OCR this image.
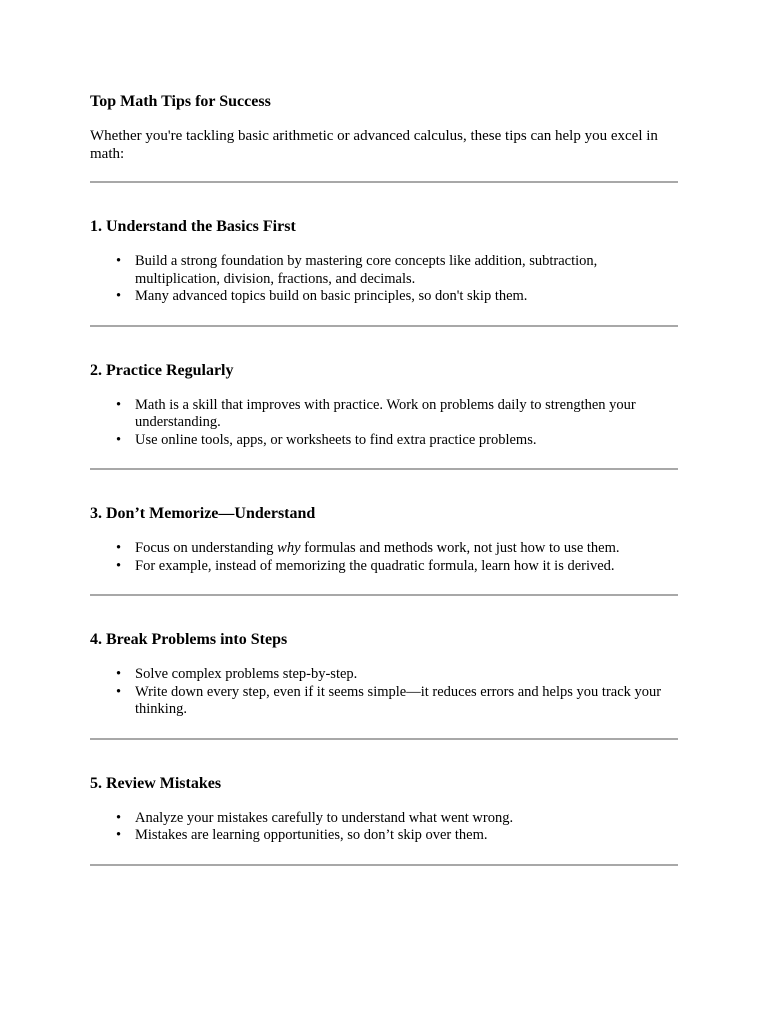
Top Math Tips for Success

Whether you're tackling basic arithmetic or advanced calculus, these tips can help you excel in math:

1. Understand the Basics First
• Build a strong foundation by mastering core concepts like addition, subtraction, multiplication, division, fractions, and decimals.
• Many advanced topics build on basic principles, so don't skip them.
2. Practice Regularly
• Math is a skill that improves with practice. Work on problems daily to strengthen your understanding.
• Use online tools, apps, or worksheets to find extra practice problems.
3. Don’t Memorize—Understand
• Focus on understanding why formulas and methods work, not just how to use them.
• For example, instead of memorizing the quadratic formula, learn how it is derived.
4. Break Problems into Steps
• Solve complex problems step-by-step.
• Write down every step, even if it seems simple—it reduces errors and helps you track your thinking.
5. Review Mistakes
• Analyze your mistakes carefully to understand what went wrong.
• Mistakes are learning opportunities, so don’t skip over them.
